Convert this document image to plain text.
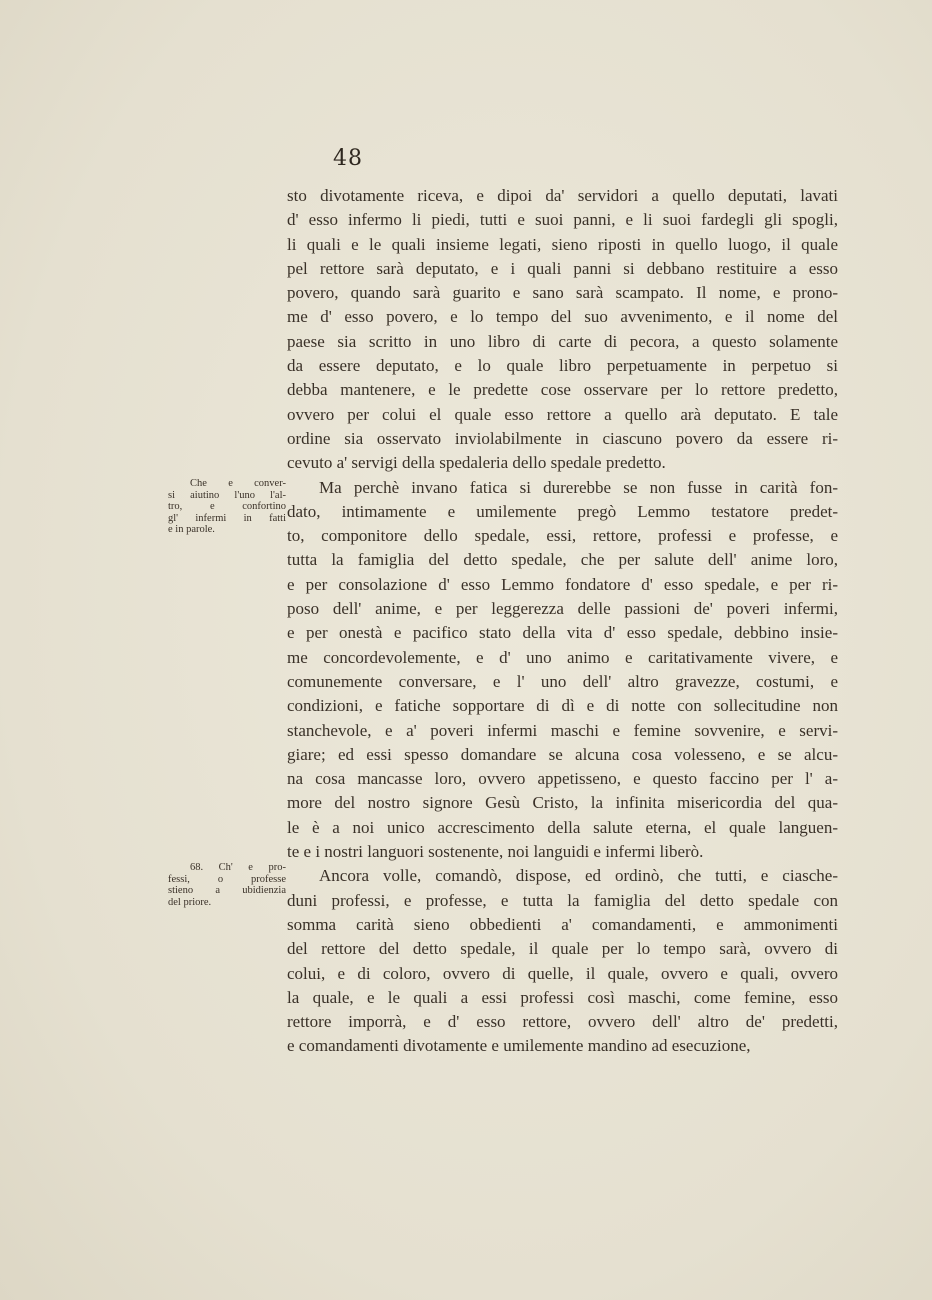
48
Che e conver-
si aiutino l'uno l'al-
tro, e confortino
gl' infermi in fatti
e in parole.
68. Ch' e pro-
fessi, o professe
stieno a ubidienzia
del priore.
sto divotamente riceva, e dipoi da' servidori a quello deputati, lavati
d' esso infermo li piedi, tutti e suoi panni, e li suoi fardegli gli spogli,
li quali e le quali insieme legati, sieno riposti in quello luogo, il quale
pel rettore sarà deputato, e i quali panni si debbano restituire a esso
povero, quando sarà guarito e sano sarà scampato. Il nome, e prono-
me d' esso povero, e lo tempo del suo avvenimento, e il nome del
paese sia scritto in uno libro di carte di pecora, a questo solamente
da essere deputato, e lo quale libro perpetuamente in perpetuo si
debba mantenere, e le predette cose osservare per lo rettore predetto,
ovvero per colui el quale esso rettore a quello arà deputato. E tale
ordine sia osservato inviolabilmente in ciascuno povero da essere ri-
cevuto a' servigi della spedaleria dello spedale predetto.
Ma perchè invano fatica si durerebbe se non fusse in carità fon-
dato, intimamente e umilemente pregò Lemmo testatore predet-
to, componitore dello spedale, essi, rettore, professi e professe, e
tutta la famiglia del detto spedale, che per salute dell' anime loro,
e per consolazione d' esso Lemmo fondatore d' esso spedale, e per ri-
poso dell' anime, e per leggerezza delle passioni de' poveri infermi,
e per onestà e pacifico stato della vita d' esso spedale, debbino insie-
me concordevolemente, e d' uno animo e caritativamente vivere, e
comunemente conversare, e l' uno dell' altro gravezze, costumi, e
condizioni, e fatiche sopportare di dì e di notte con sollecitudine non
stanchevole, e a' poveri infermi maschi e femine sovvenire, e servi-
giare; ed essi spesso domandare se alcuna cosa volesseno, e se alcu-
na cosa mancasse loro, ovvero appetisseno, e questo faccino per l' a-
more del nostro signore Gesù Cristo, la infinita misericordia del qua-
le è a noi unico accrescimento della salute eterna, el quale languen-
te e i nostri languori sostenente, noi languidi e infermi liberò.
Ancora volle, comandò, dispose, ed ordinò, che tutti, e ciasche-
duni professi, e professe, e tutta la famiglia del detto spedale con
somma carità sieno obbedienti a' comandamenti, e ammonimenti
del rettore del detto spedale, il quale per lo tempo sarà, ovvero di
colui, e di coloro, ovvero di quelle, il quale, ovvero e quali, ovvero
la quale, e le quali a essi professi così maschi, come femine, esso
rettore imporrà, e d' esso rettore, ovvero dell' altro de' predetti,
e comandamenti divotamente e umilemente mandino ad esecuzione,
